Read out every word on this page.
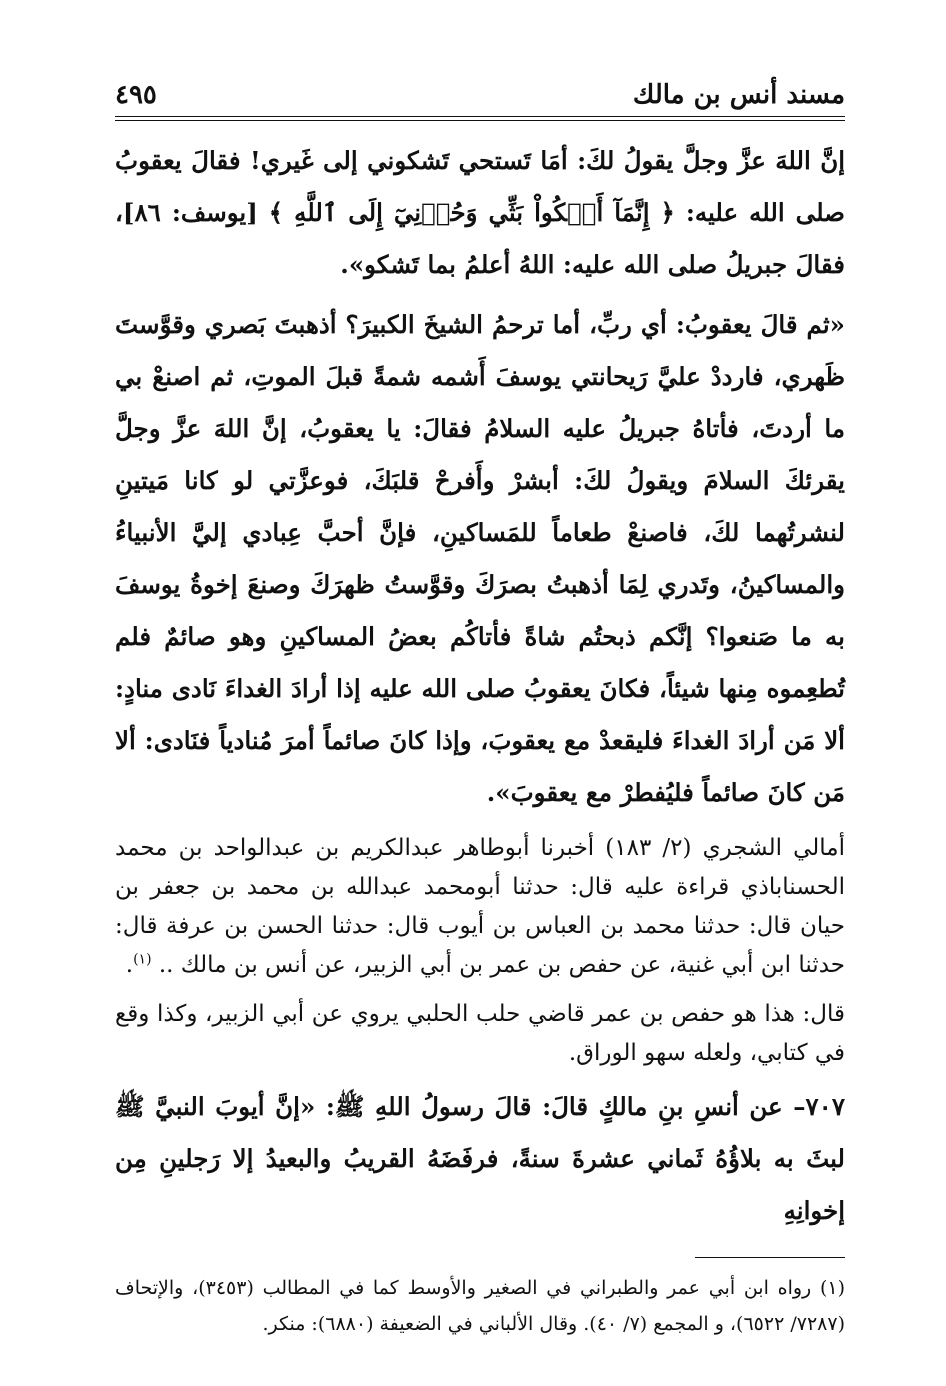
مسند أنس بن مالك
٤٩٥

إنَّ اللهَ عزَّ وجلَّ يقولُ لكَ: أمَا تَستحي تَشكوني إلى غَيري! فقالَ يعقوبُ صلى الله عليه: ﴿ إِنَّمَآ أَشۡكُواْ بَثِّي وَحُزۡنِيٓ إِلَى ٱللَّهِ ﴾ [يوسف: ٨٦]، فقالَ جبريلُ صلى الله عليه: اللهُ أعلمُ بما تَشكو».

«ثم قالَ يعقوبُ: أي ربِّ، أما ترحمُ الشيخَ الكبيرَ؟ أذهبتَ بَصري وقوَّستَ ظَهري، فارددْ عليَّ رَيحانتي يوسفَ أَشمه شمةً قبلَ الموتِ، ثم اصنعْ بي ما أردتَ، فأتاهُ جبريلُ عليه السلامُ فقالَ: يا يعقوبُ، إنَّ اللهَ عزَّ وجلَّ يقرئكَ السلامَ ويقولُ لكَ: أبشرْ وأَفرحْ قلبَكَ، فوعزَّتي لو كانا مَيتينِ لنشرتُهما لكَ، فاصنعْ طعاماً للمَساكينِ، فإنَّ أحبَّ عِبادي إليَّ الأنبياءُ والمساكينُ، وتَدري لِمَا أذهبتُ بصرَكَ وقوَّستُ ظهرَكَ وصنعَ إخوةُ يوسفَ به ما صَنعوا؟ إنَّكم ذبحتُم شاةً فأتاكُم بعضُ المساكينِ وهو صائمٌ فلم تُطعِموه مِنها شيئاً، فكانَ يعقوبُ صلى الله عليه إذا أرادَ الغداءَ نَادى منادٍ: ألا مَن أرادَ الغداءَ فليقعدْ مع يعقوبَ، وإذا كانَ صائماً أمرَ مُنادياً فنَادى: ألا مَن كانَ صائماً فليُفطرْ مع يعقوبَ».

أمالي الشجري (٢/ ١٨٣) أخبرنا أبوطاهر عبدالكريم بن عبدالواحد بن محمد الحسناباذي قراءة عليه قال: حدثنا أبومحمد عبدالله بن محمد بن جعفر بن حيان قال: حدثنا محمد بن العباس بن أيوب قال: حدثنا الحسن بن عرفة قال: حدثنا ابن أبي غنية، عن حفص بن عمر بن أبي الزبير، عن أنس بن مالك .. $^{(١)}$.

قال: هذا هو حفص بن عمر قاضي حلب الحلبي يروي عن أبي الزبير، وكذا وقع في كتابي، ولعله سهو الوراق.

٧٠٧– عن أنسِ بنِ مالكٍ قالَ: قالَ رسولُ اللهِ ﷺ: «إنَّ أيوبَ النبيَّ ﷺ لبثَ به بلاؤُهُ ثَماني عشرةَ سنةً، فرفَضَهُ القريبُ والبعيدُ إلا رَجلينِ مِن إخوانِهِ

(١) رواه ابن أبي عمر والطبراني في الصغير والأوسط كما في المطالب (٣٤٥٣)، والإتحاف (٧٢٨٧/ ٦٥٢٢)، و المجمع (٧/ ٤٠). وقال الألباني في الضعيفة (٦٨٨٠): منكر.
